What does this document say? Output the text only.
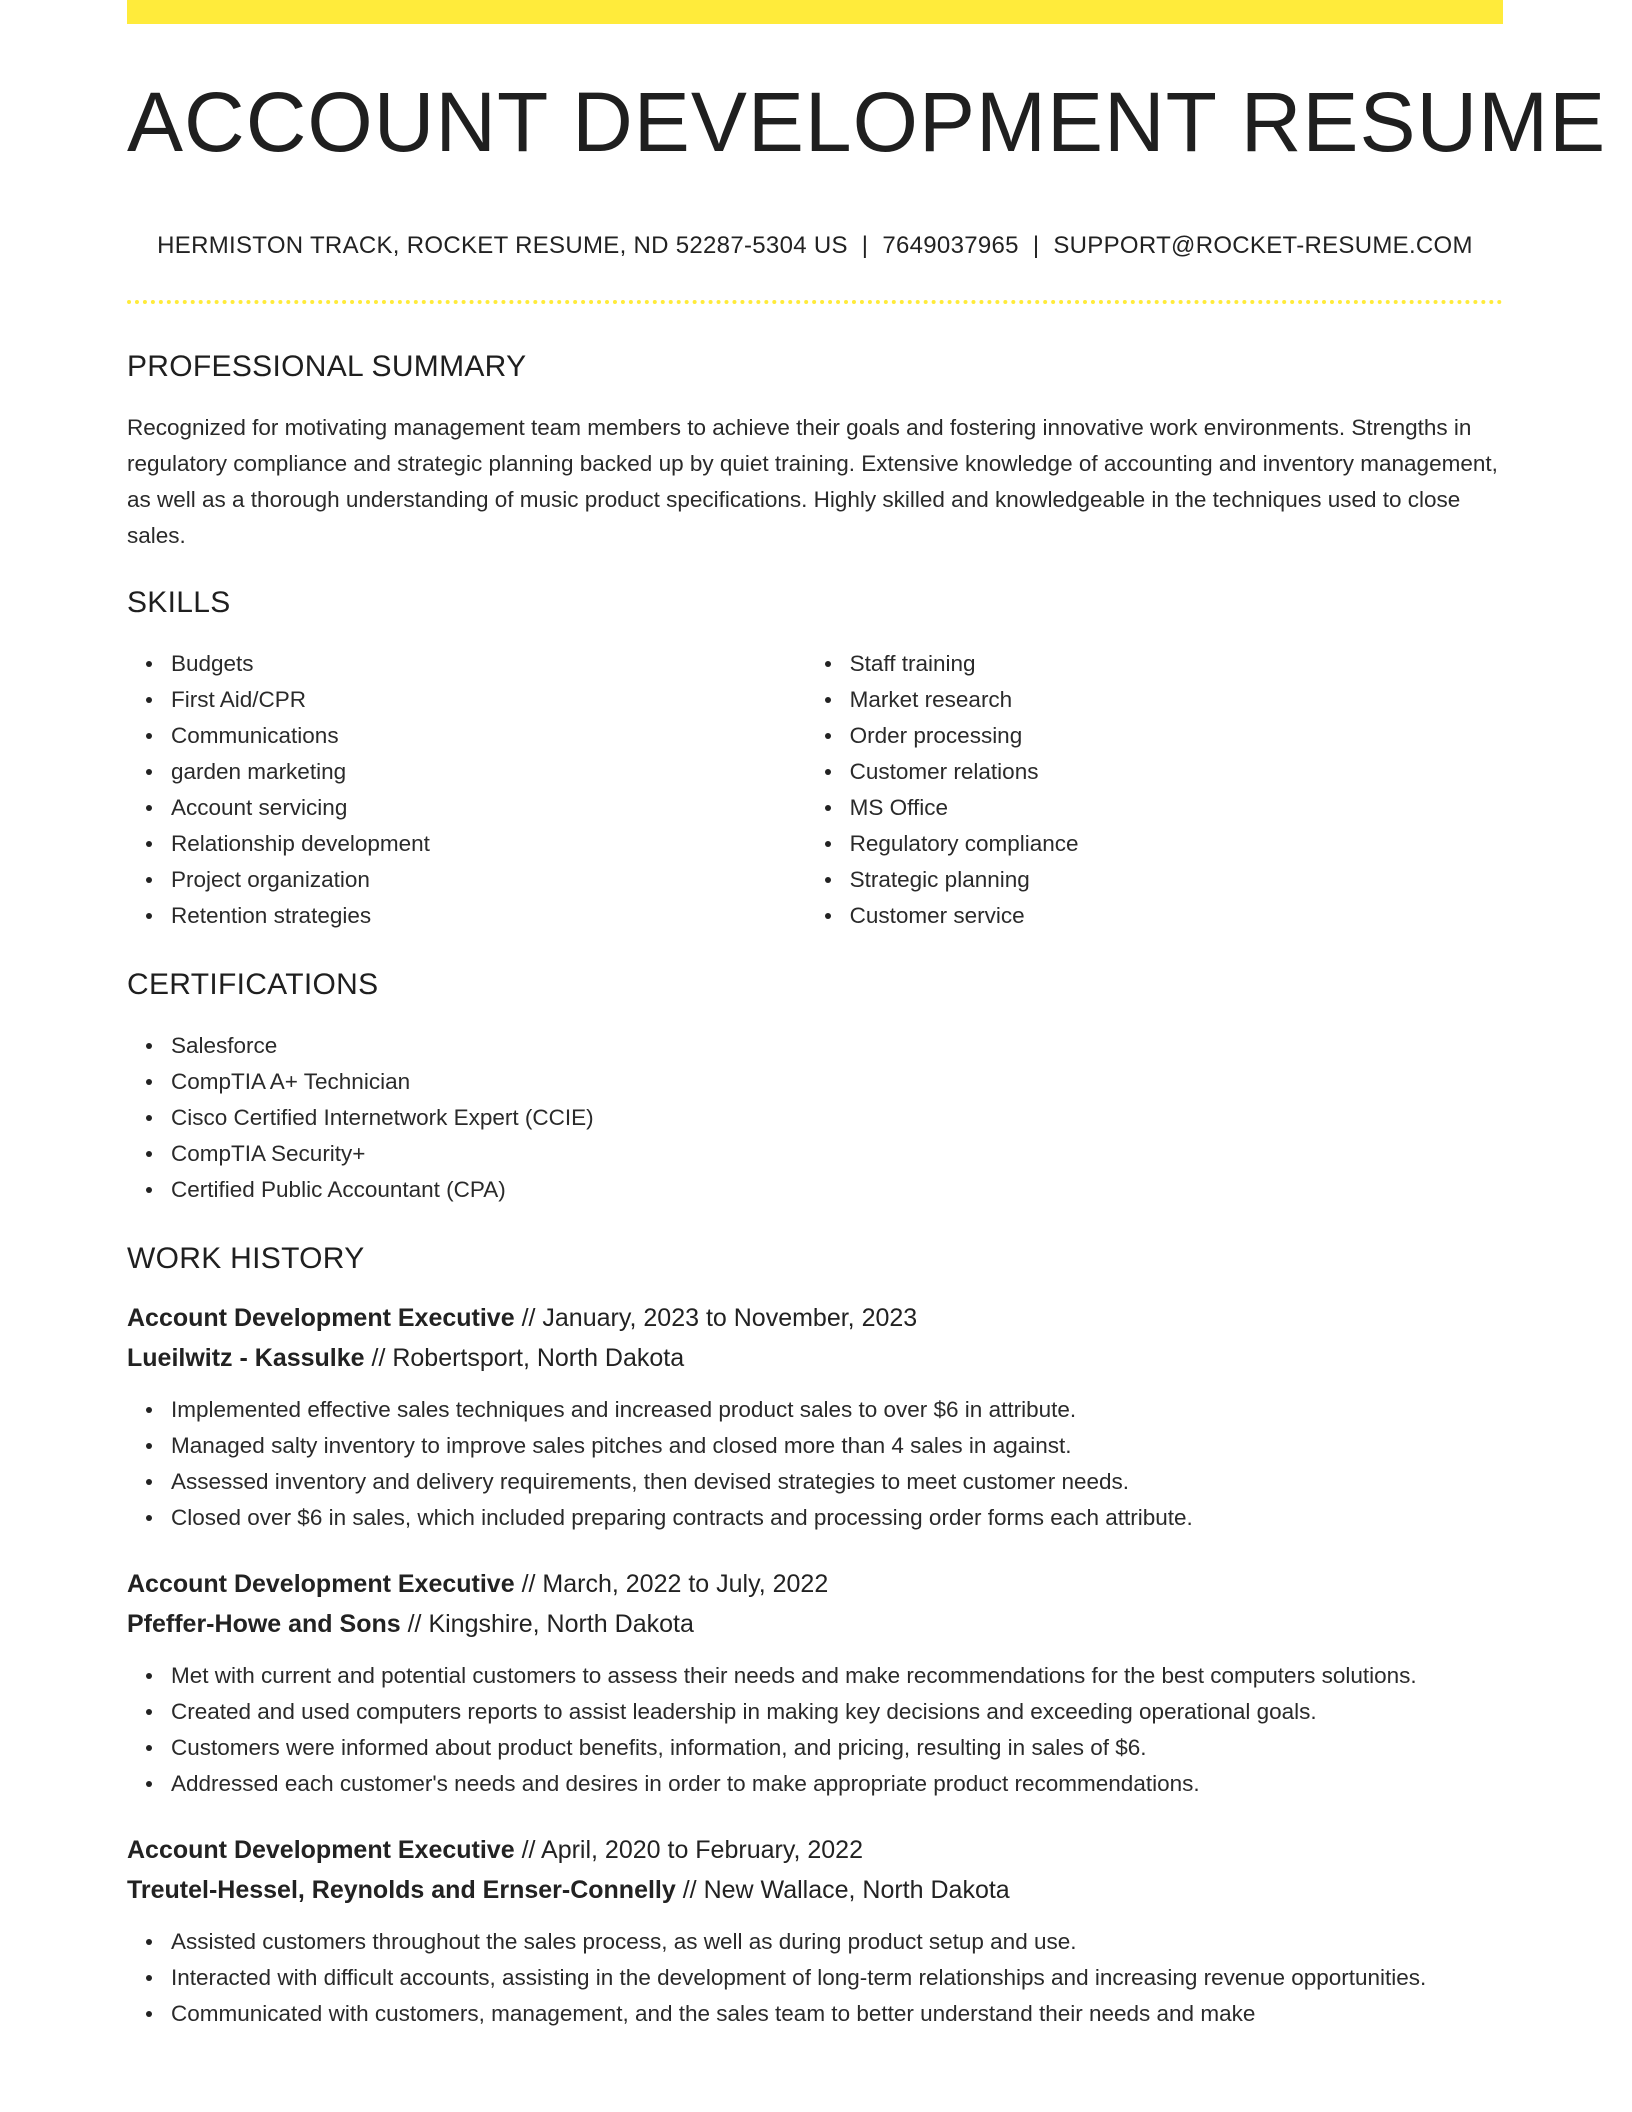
ACCOUNT DEVELOPMENT RESUME
HERMISTON TRACK, ROCKET RESUME, ND 52287-5304 US | 7649037965 | SUPPORT@ROCKET-RESUME.COM
PROFESSIONAL SUMMARY

Recognized for motivating management team members to achieve their goals and fostering innovative work environments. Strengths in regulatory compliance and strategic planning backed up by quiet training. Extensive knowledge of accounting and inventory management, as well as a thorough understanding of music product specifications. Highly skilled and knowledgeable in the techniques used to close sales.

SKILLS
Budgets
First Aid/CPR
Communications
garden marketing
Account servicing
Relationship development
Project organization
Retention strategies
Staff training
Market research
Order processing
Customer relations
MS Office
Regulatory compliance
Strategic planning
Customer service
CERTIFICATIONS
Salesforce
CompTIA A+ Technician
Cisco Certified Internetwork Expert (CCIE)
CompTIA Security+
Certified Public Accountant (CPA)
WORK HISTORY
Account Development Executive // January, 2023 to November, 2023
Lueilwitz - Kassulke // Robertsport, North Dakota
Implemented effective sales techniques and increased product sales to over $6 in attribute.
Managed salty inventory to improve sales pitches and closed more than 4 sales in against.
Assessed inventory and delivery requirements, then devised strategies to meet customer needs.
Closed over $6 in sales, which included preparing contracts and processing order forms each attribute.
Account Development Executive // March, 2022 to July, 2022
Pfeffer-Howe and Sons // Kingshire, North Dakota
Met with current and potential customers to assess their needs and make recommendations for the best computers solutions.
Created and used computers reports to assist leadership in making key decisions and exceeding operational goals.
Customers were informed about product benefits, information, and pricing, resulting in sales of $6.
Addressed each customer's needs and desires in order to make appropriate product recommendations.
Account Development Executive // April, 2020 to February, 2022
Treutel-Hessel, Reynolds and Ernser-Connelly // New Wallace, North Dakota
Assisted customers throughout the sales process, as well as during product setup and use.
Interacted with difficult accounts, assisting in the development of long-term relationships and increasing revenue opportunities.
Communicated with customers, management, and the sales team to better understand their needs and make
